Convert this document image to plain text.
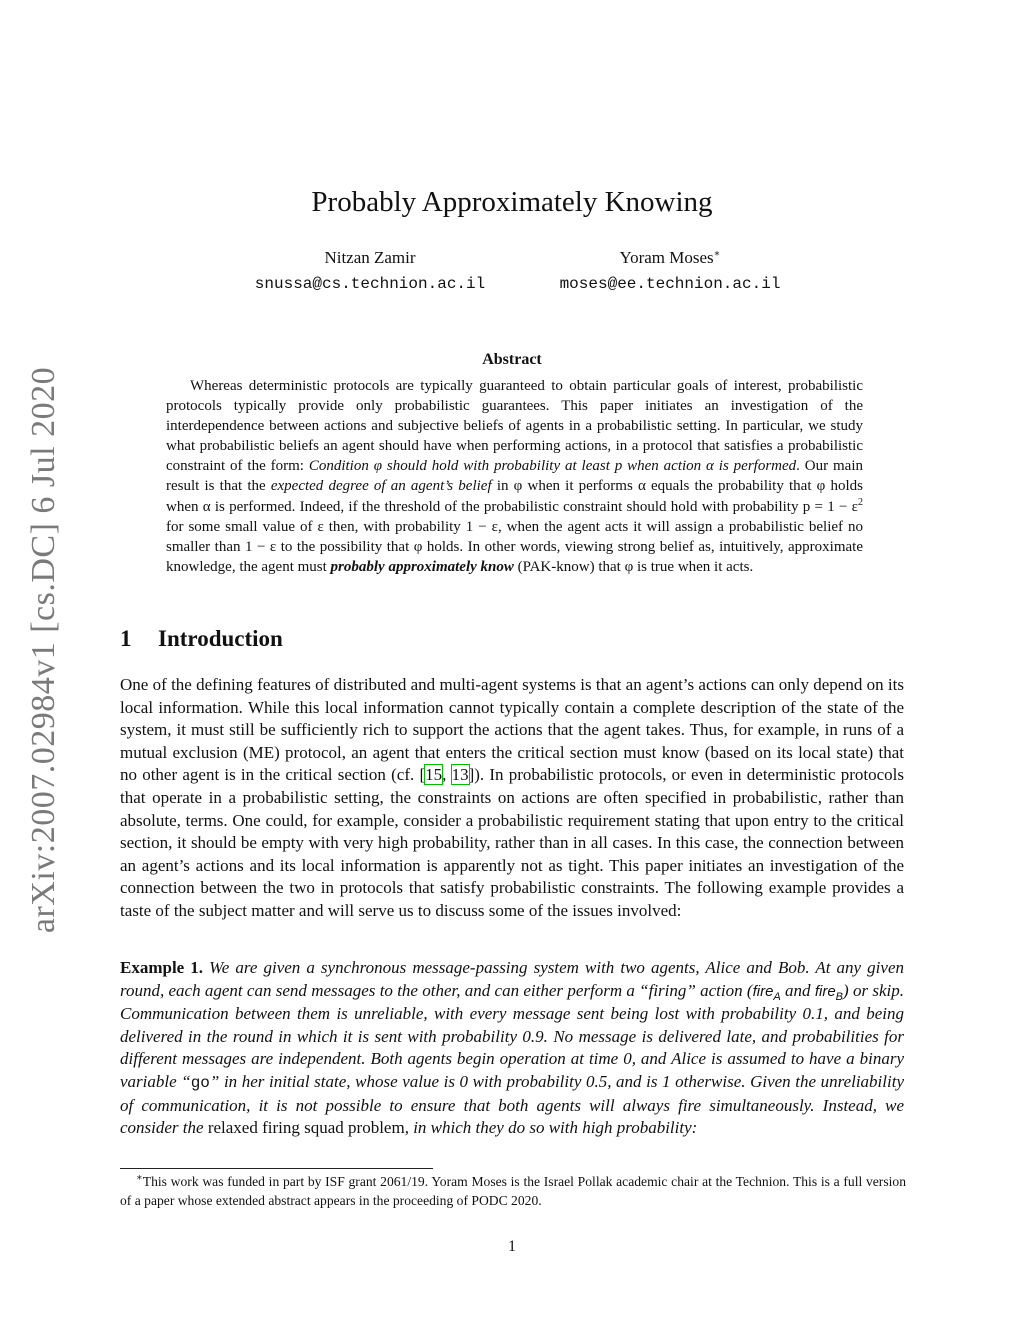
arXiv:2007.02984v1 [cs.DC] 6 Jul 2020
Probably Approximately Knowing
Nitzan Zamir
snussa@cs.technion.ac.il
Yoram Moses∗
moses@ee.technion.ac.il
Abstract
Whereas deterministic protocols are typically guaranteed to obtain particular goals of interest, probabilistic protocols typically provide only probabilistic guarantees. This paper initiates an investigation of the interdependence between actions and subjective beliefs of agents in a probabilistic setting. In particular, we study what probabilistic beliefs an agent should have when performing actions, in a protocol that satisfies a probabilistic constraint of the form: Condition φ should hold with probability at least p when action α is performed. Our main result is that the expected degree of an agent’s belief in φ when it performs α equals the probability that φ holds when α is performed. Indeed, if the threshold of the probabilistic constraint should hold with probability $p = 1 - \varepsilon^2$ for some small value of ε then, with probability 1 − ε, when the agent acts it will assign a probabilistic belief no smaller than 1 − ε to the possibility that φ holds. In other words, viewing strong belief as, intuitively, approximate knowledge, the agent must probably approximately know (PAK-know) that φ is true when it acts.
1 Introduction
One of the defining features of distributed and multi-agent systems is that an agent’s actions can only depend on its local information. While this local information cannot typically contain a complete description of the state of the system, it must still be sufficiently rich to support the actions that the agent takes. Thus, for example, in runs of a mutual exclusion (ME) protocol, an agent that enters the critical section must know (based on its local state) that no other agent is in the critical section (cf. [15, 13]). In probabilistic protocols, or even in deterministic protocols that operate in a probabilistic setting, the constraints on actions are often specified in probabilistic, rather than absolute, terms. One could, for example, consider a probabilistic requirement stating that upon entry to the critical section, it should be empty with very high probability, rather than in all cases. In this case, the connection between an agent’s actions and its local information is apparently not as tight. This paper initiates an investigation of the connection between the two in protocols that satisfy probabilistic constraints. The following example provides a taste of the subject matter and will serve us to discuss some of the issues involved:
Example 1. We are given a synchronous message-passing system with two agents, Alice and Bob. At any given round, each agent can send messages to the other, and can either perform a “firing” action (fire$_A$ and fire$_B$) or skip. Communication between them is unreliable, with every message sent being lost with probability 0.1, and being delivered in the round in which it is sent with probability 0.9. No message is delivered late, and probabilities for different messages are independent. Both agents begin operation at time 0, and Alice is assumed to have a binary variable “go” in her initial state, whose value is 0 with probability 0.5, and is 1 otherwise. Given the unreliability of communication, it is not possible to ensure that both agents will always fire simultaneously. Instead, we consider the relaxed firing squad problem, in which they do so with high probability:
∗This work was funded in part by ISF grant 2061/19. Yoram Moses is the Israel Pollak academic chair at the Technion. This is a full version of a paper whose extended abstract appears in the proceeding of PODC 2020.
1
